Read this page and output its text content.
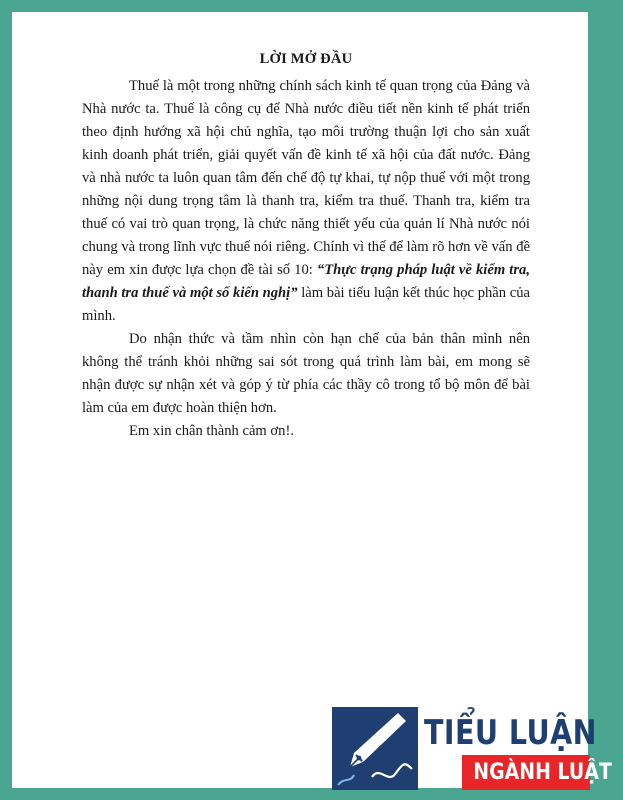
LỜI MỞ ĐẦU

Thuế là một trong những chính sách kinh tế quan trọng của Đảng và Nhà nước ta. Thuế là công cụ để Nhà nước điều tiết nền kinh tế phát triển theo định hướng xã hội chủ nghĩa, tạo môi trường thuận lợi cho sản xuất kinh doanh phát triển, giải quyết vấn đề kinh tế xã hội của đất nước. Đảng và nhà nước ta luôn quan tâm đến chế độ tự khai, tự nộp thuế với một trong những nội dung trọng tâm là thanh tra, kiểm tra thuế. Thanh tra, kiểm tra thuế có vai trò quan trọng, là chức năng thiết yếu của quản lí Nhà nước nói chung và trong lĩnh vực thuế nói riêng. Chính vì thế để làm rõ hơn về vấn đề này em xin được lựa chọn đề tài số 10: “Thực trạng pháp luật về kiểm tra, thanh tra thuế và một số kiến nghị” làm bài tiểu luận kết thúc học phần của mình.

Do nhận thức và tầm nhìn còn hạn chế của bản thân mình nên không thể tránh khỏi những sai sót trong quá trình làm bài, em mong sẽ nhận được sự nhận xét và góp ý từ phía các thầy cô trong tổ bộ môn để bài làm của em được hoàn thiện hơn.

Em xin chân thành cảm ơn!.

TIỂU LUẬN
NGÀNH LUẬT
